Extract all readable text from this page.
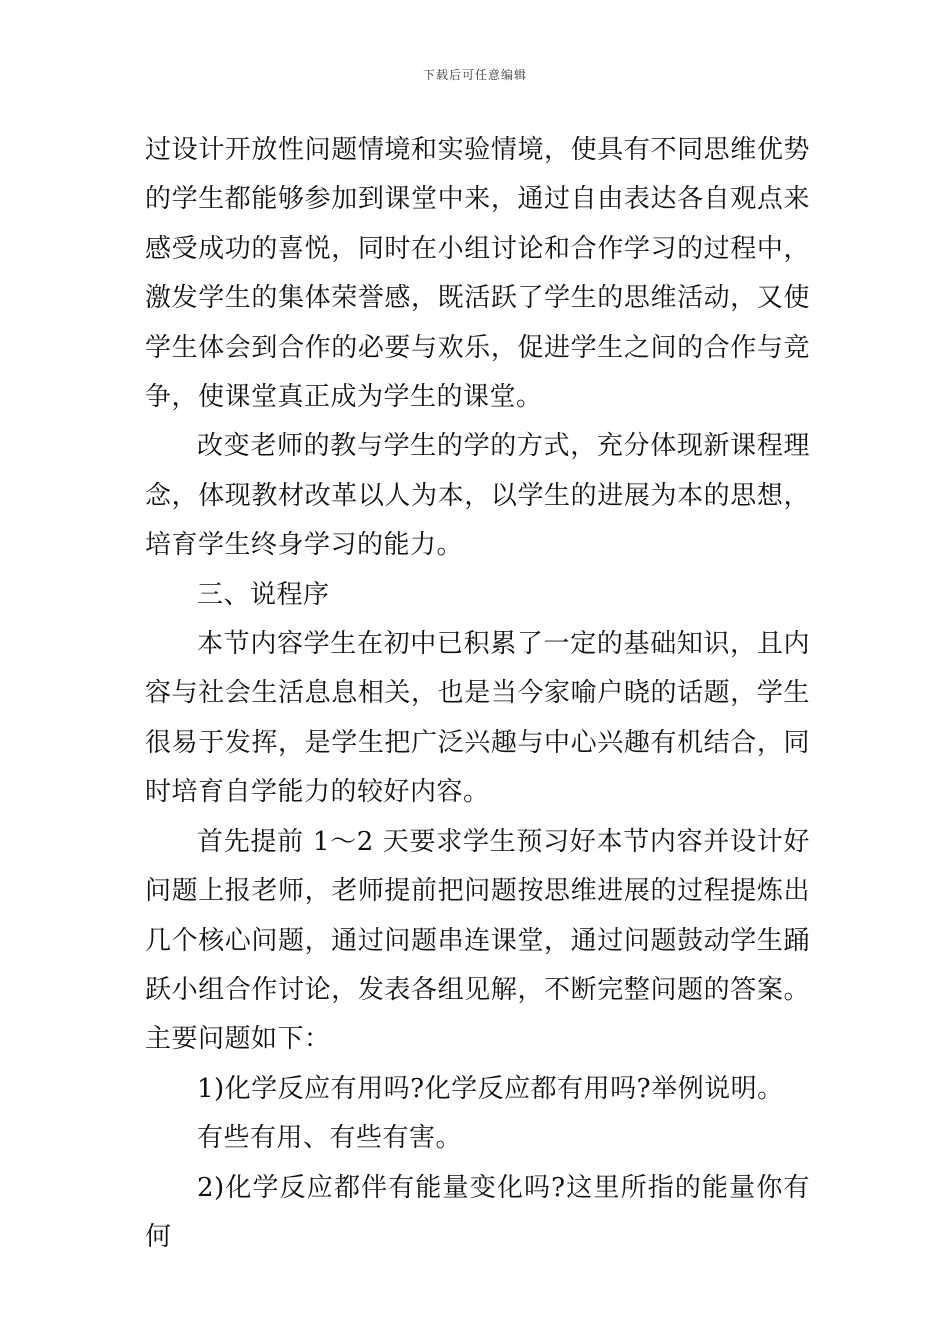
下载后可任意编辑

过设计开放性问题情境和实验情境，使具有不同思维优势的学生都能够参加到课堂中来，通过自由表达各自观点来感受成功的喜悦，同时在小组讨论和合作学习的过程中，激发学生的集体荣誉感，既活跃了学生的思维活动，又使学生体会到合作的必要与欢乐，促进学生之间的合作与竞争，使课堂真正成为学生的课堂。

改变老师的教与学生的学的方式，充分体现新课程理念，体现教材改革以人为本，以学生的进展为本的思想，培育学生终身学习的能力。

三、说程序

本节内容学生在初中已积累了一定的基础知识，且内容与社会生活息息相关，也是当今家喻户晓的话题，学生很易于发挥，是学生把广泛兴趣与中心兴趣有机结合，同时培育自学能力的较好内容。

首先提前 1～2 天要求学生预习好本节内容并设计好问题上报老师，老师提前把问题按思维进展的过程提炼出几个核心问题，通过问题串连课堂，通过问题鼓动学生踊跃小组合作讨论，发表各组见解，不断完整问题的答案。主要问题如下：

1)化学反应有用吗?化学反应都有用吗?举例说明。

有些有用、有些有害。

2)化学反应都伴有能量变化吗?这里所指的能量你有何
